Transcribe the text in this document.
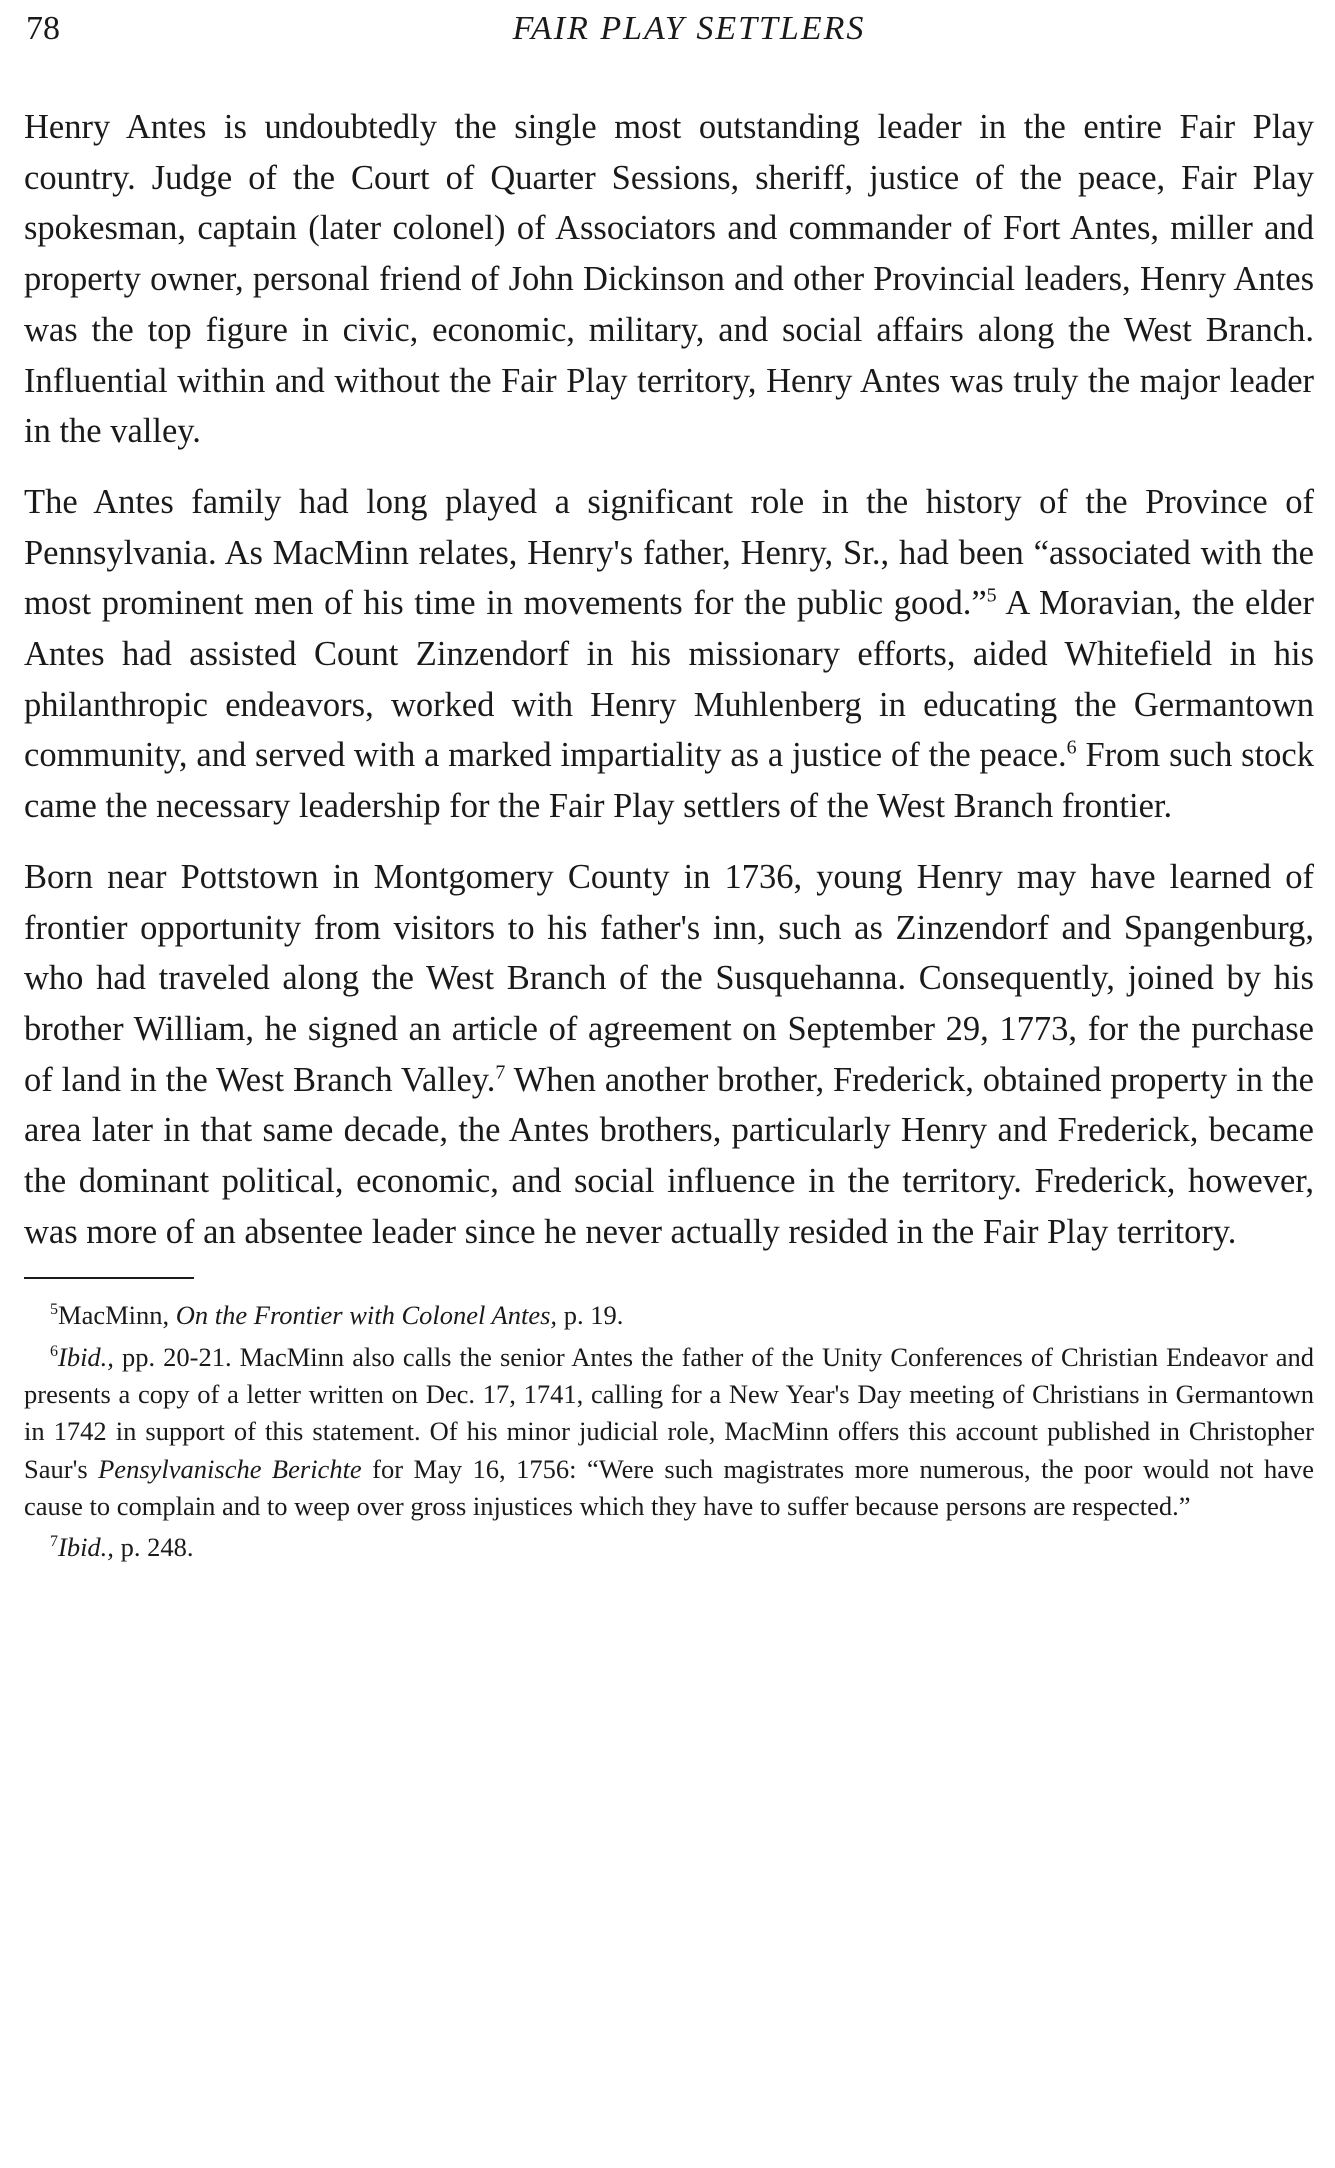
78	FAIR PLAY SETTLERS

Henry Antes is undoubtedly the single most outstanding leader in the entire Fair Play country. Judge of the Court of Quarter Sessions, sheriff, justice of the peace, Fair Play spokesman, captain (later colonel) of Associators and commander of Fort Antes, miller and property owner, personal friend of John Dickinson and other Provincial leaders, Henry Antes was the top figure in civic, economic, military, and social affairs along the West Branch. Influential within and without the Fair Play territory, Henry Antes was truly the major leader in the valley.

The Antes family had long played a significant role in the history of the Province of Pennsylvania. As MacMinn relates, Henry's father, Henry, Sr., had been “associated with the most prominent men of his time in movements for the public good.”$^5$ A Moravian, the elder Antes had assisted Count Zinzendorf in his missionary efforts, aided Whitefield in his philanthropic endeavors, worked with Henry Muhlenberg in educating the Germantown community, and served with a marked impartiality as a justice of the peace.$^6$ From such stock came the necessary leadership for the Fair Play settlers of the West Branch frontier.

Born near Pottstown in Montgomery County in 1736, young Henry may have learned of frontier opportunity from visitors to his father's inn, such as Zinzendorf and Spangenburg, who had traveled along the West Branch of the Susquehanna. Consequently, joined by his brother William, he signed an article of agreement on September 29, 1773, for the purchase of land in the West Branch Valley.$^7$ When another brother, Frederick, obtained property in the area later in that same decade, the Antes brothers, particularly Henry and Frederick, became the dominant political, economic, and social influence in the territory. Frederick, however, was more of an absentee leader since he never actually resided in the Fair Play territory.

$^5$MacMinn, On the Frontier with Colonel Antes, p. 19.

$^6$Ibid., pp. 20-21. MacMinn also calls the senior Antes the father of the Unity Conferences of Christian Endeavor and presents a copy of a letter written on Dec. 17, 1741, calling for a New Year's Day meeting of Christians in Germantown in 1742 in support of this statement. Of his minor judicial role, MacMinn offers this account published in Christopher Saur's Pensylvanische Berichte for May 16, 1756: “Were such magistrates more numerous, the poor would not have cause to complain and to weep over gross injustices which they have to suffer because persons are respected.”

$^7$Ibid., p. 248.
